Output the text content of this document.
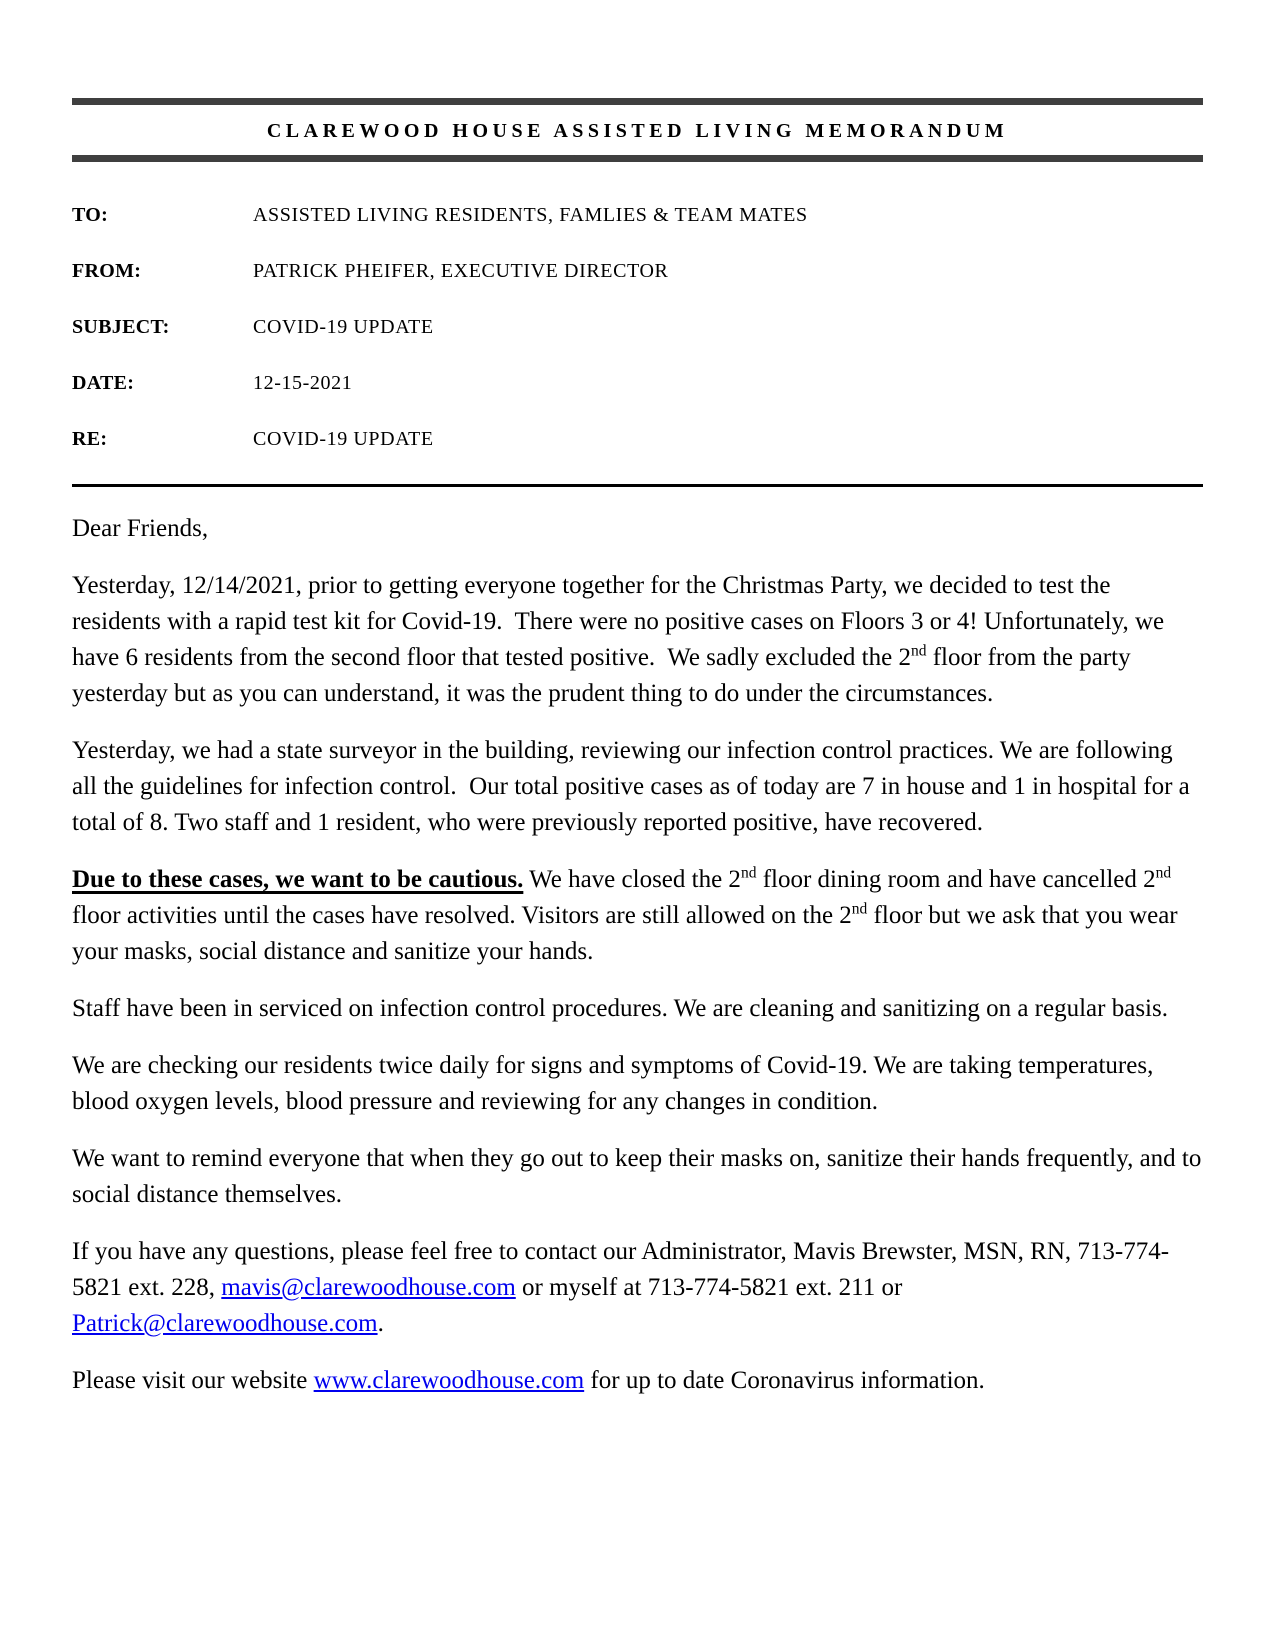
CLAREWOOD HOUSE ASSISTED LIVING MEMORANDUM
TO:	ASSISTED LIVING RESIDENTS, FAMLIES & TEAM MATES
FROM:	PATRICK PHEIFER, EXECUTIVE DIRECTOR
SUBJECT:	COVID-19 UPDATE
DATE:	12-15-2021
RE:	COVID-19 UPDATE

Dear Friends,

Yesterday, 12/14/2021, prior to getting everyone together for the Christmas Party, we decided to test the residents with a rapid test kit for Covid-19.  There were no positive cases on Floors 3 or 4! Unfortunately, we have 6 residents from the second floor that tested positive.  We sadly excluded the 2nd floor from the party yesterday but as you can understand, it was the prudent thing to do under the circumstances.

Yesterday, we had a state surveyor in the building, reviewing our infection control practices. We are following all the guidelines for infection control.  Our total positive cases as of today are 7 in house and 1 in hospital for a total of 8. Two staff and 1 resident, who were previously reported positive, have recovered.

Due to these cases, we want to be cautious. We have closed the 2nd floor dining room and have cancelled 2nd floor activities until the cases have resolved. Visitors are still allowed on the 2nd floor but we ask that you wear your masks, social distance and sanitize your hands.

Staff have been in serviced on infection control procedures. We are cleaning and sanitizing on a regular basis.

We are checking our residents twice daily for signs and symptoms of Covid-19. We are taking temperatures, blood oxygen levels, blood pressure and reviewing for any changes in condition.

We want to remind everyone that when they go out to keep their masks on, sanitize their hands frequently, and to social distance themselves.

If you have any questions, please feel free to contact our Administrator, Mavis Brewster, MSN, RN, 713-774-5821 ext. 228, mavis@clarewoodhouse.com or myself at 713-774-5821 ext. 211 or Patrick@clarewoodhouse.com.

Please visit our website www.clarewoodhouse.com for up to date Coronavirus information.
